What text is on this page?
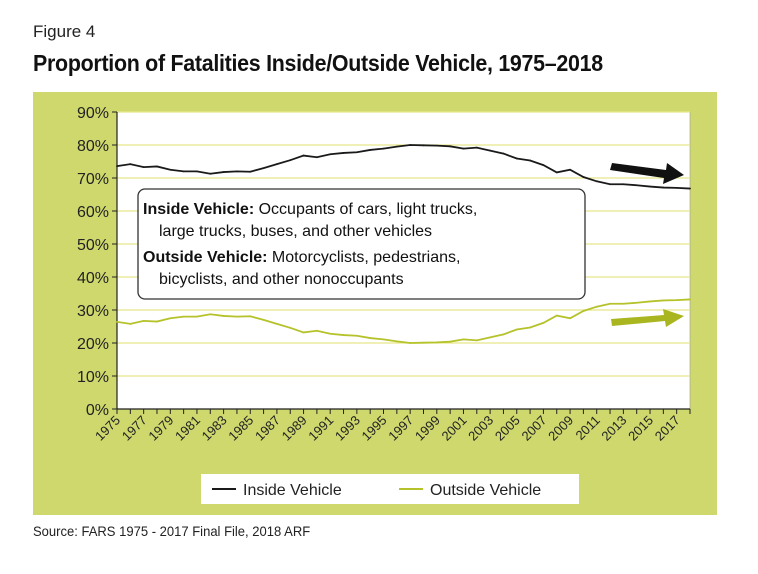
Figure 4
Proportion of Fatalities Inside/Outside Vehicle, 1975–2018
0%
10%
20%
30%
40%
50%
60%
70%
80%
90%
1975
1977
1979
1981
1983
1985
1987
1989
1991
1993
1995
1997
1999
2001
2003
2005
2007
2009
2011
2013
2015
2017
Inside Vehicle: Occupants of cars, light trucks,
large trucks, buses, and other vehicles
Outside Vehicle: Motorcyclists, pedestrians,
bicyclists, and other nonoccupants
Inside Vehicle	Outside Vehicle
Source: FARS 1975 - 2017 Final File, 2018 ARF
